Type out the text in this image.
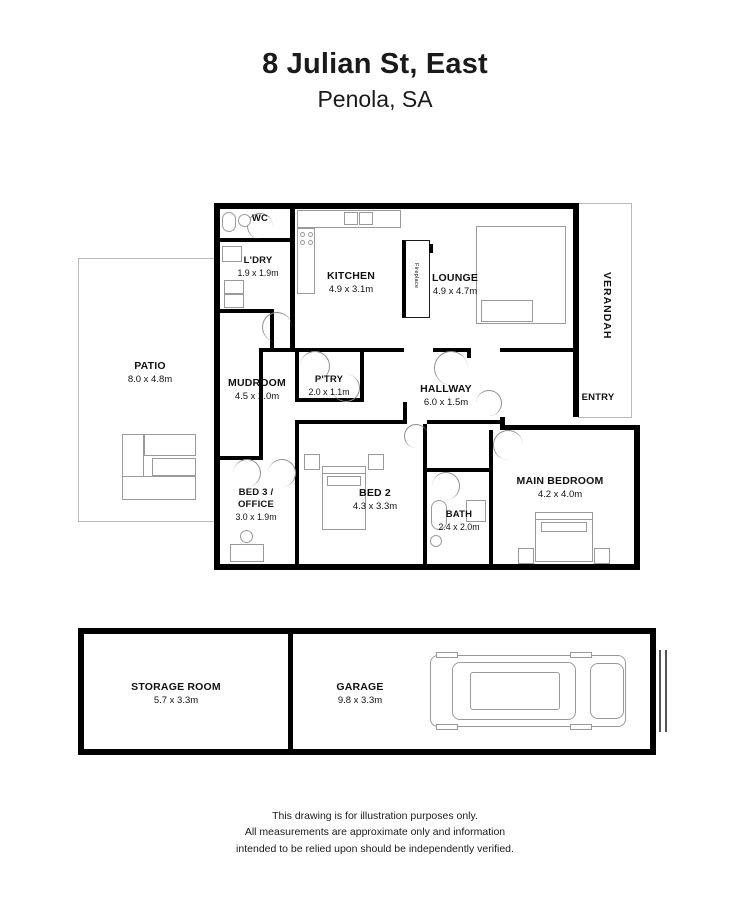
8 Julian St, East
Penola, SA
PATIO
8.0 x 4.8m
VERANDAH
Fireplace
WC
L'DRY
1.9 x 1.9m	KITCHEN
4.9 x 3.1m
LOUNGE
4.9 x 4.7m
MUDROOM
4.5 x 2.0m
P'TRY
2.0 x 1.1m	HALLWAY
6.0 x 1.5m	ENTRY
BED 3 /
OFFICE
3.0 x 1.9m
BED 2
4.3 x 3.3m
BATH
2.4 x 2.0m
MAIN BEDROOM
4.2 x 4.0m
STORAGE ROOM
5.7 x 3.3m
GARAGE
9.8 x 3.3m
This drawing is for illustration purposes only.
All measurements are approximate only and information
intended to be relied upon should be independently verified.
